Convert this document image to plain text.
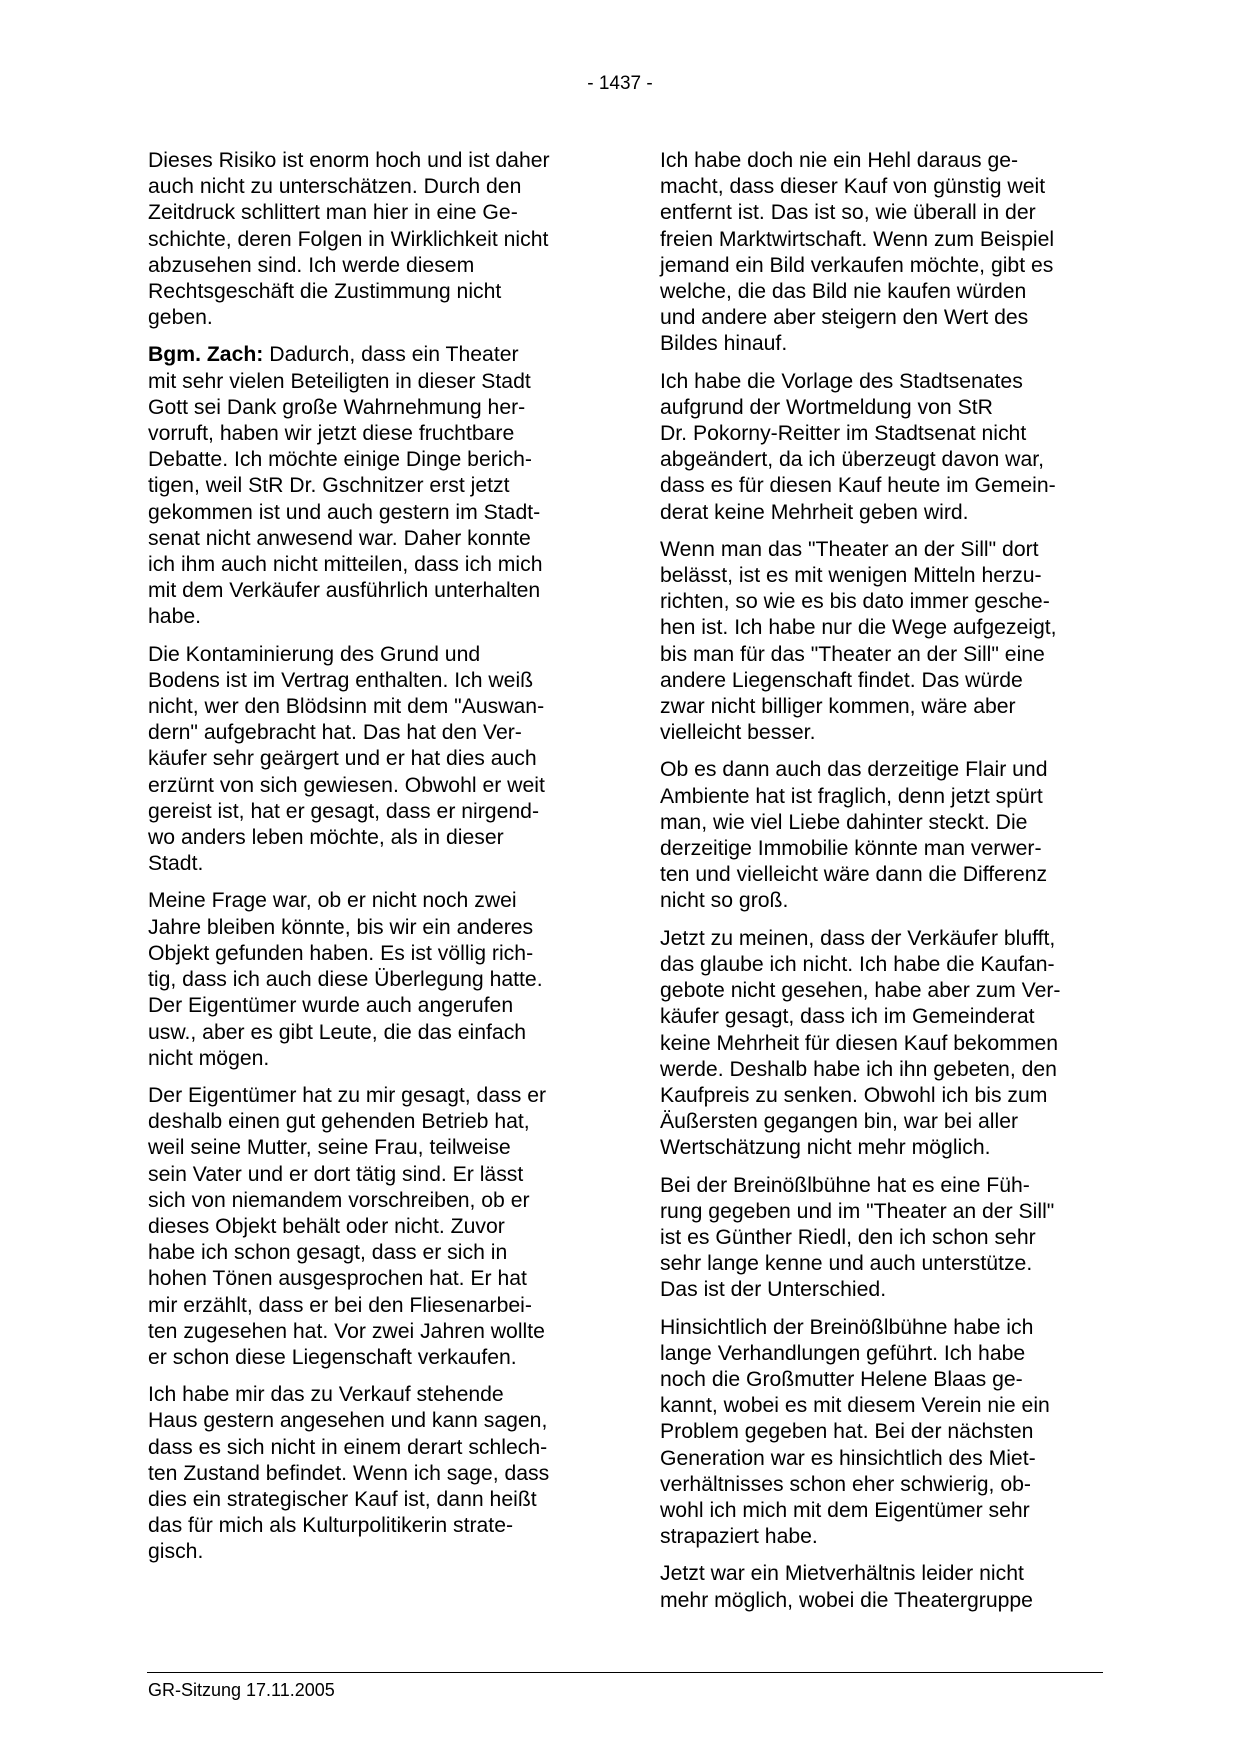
- 1437 -
Dieses Risiko ist enorm hoch und ist daher
auch nicht zu unterschätzen. Durch den
Zeitdruck schlittert man hier in eine Ge-
schichte, deren Folgen in Wirklichkeit nicht
abzusehen sind. Ich werde diesem
Rechtsgeschäft die Zustimmung nicht
geben.
Bgm. Zach: Dadurch, dass ein Theater
mit sehr vielen Beteiligten in dieser Stadt
Gott sei Dank große Wahrnehmung her-
vorruft, haben wir jetzt diese fruchtbare
Debatte. Ich möchte einige Dinge berich-
tigen, weil StR Dr. Gschnitzer erst jetzt
gekommen ist und auch gestern im Stadt-
senat nicht anwesend war. Daher konnte
ich ihm auch nicht mitteilen, dass ich mich
mit dem Verkäufer ausführlich unterhalten
habe.
Die Kontaminierung des Grund und
Bodens ist im Vertrag enthalten. Ich weiß
nicht, wer den Blödsinn mit dem "Auswan-
dern" aufgebracht hat. Das hat den Ver-
käufer sehr geärgert und er hat dies auch
erzürnt von sich gewiesen. Obwohl er weit
gereist ist, hat er gesagt, dass er nirgend-
wo anders leben möchte, als in dieser
Stadt.
Meine Frage war, ob er nicht noch zwei
Jahre bleiben könnte, bis wir ein anderes
Objekt gefunden haben. Es ist völlig rich-
tig, dass ich auch diese Überlegung hatte.
Der Eigentümer wurde auch angerufen
usw., aber es gibt Leute, die das einfach
nicht mögen.
Der Eigentümer hat zu mir gesagt, dass er
deshalb einen gut gehenden Betrieb hat,
weil seine Mutter, seine Frau, teilweise
sein Vater und er dort tätig sind. Er lässt
sich von niemandem vorschreiben, ob er
dieses Objekt behält oder nicht. Zuvor
habe ich schon gesagt, dass er sich in
hohen Tönen ausgesprochen hat. Er hat
mir erzählt, dass er bei den Fliesenarbei-
ten zugesehen hat. Vor zwei Jahren wollte
er schon diese Liegenschaft verkaufen.
Ich habe mir das zu Verkauf stehende
Haus gestern angesehen und kann sagen,
dass es sich nicht in einem derart schlech-
ten Zustand befindet. Wenn ich sage, dass
dies ein strategischer Kauf ist, dann heißt
das für mich als Kulturpolitikerin strate-
gisch.
Ich habe doch nie ein Hehl daraus ge-
macht, dass dieser Kauf von günstig weit
entfernt ist. Das ist so, wie überall in der
freien Marktwirtschaft. Wenn zum Beispiel
jemand ein Bild verkaufen möchte, gibt es
welche, die das Bild nie kaufen würden
und andere aber steigern den Wert des
Bildes hinauf.
Ich habe die Vorlage des Stadtsenates
aufgrund der Wortmeldung von StR
Dr. Pokorny-Reitter im Stadtsenat nicht
abgeändert, da ich überzeugt davon war,
dass es für diesen Kauf heute im Gemein-
derat keine Mehrheit geben wird.
Wenn man das "Theater an der Sill" dort
belässt, ist es mit wenigen Mitteln herzu-
richten, so wie es bis dato immer gesche-
hen ist. Ich habe nur die Wege aufgezeigt,
bis man für das "Theater an der Sill" eine
andere Liegenschaft findet. Das würde
zwar nicht billiger kommen, wäre aber
vielleicht besser.
Ob es dann auch das derzeitige Flair und
Ambiente hat ist fraglich, denn jetzt spürt
man, wie viel Liebe dahinter steckt. Die
derzeitige Immobilie könnte man verwer-
ten und vielleicht wäre dann die Differenz
nicht so groß.
Jetzt zu meinen, dass der Verkäufer blufft,
das glaube ich nicht. Ich habe die Kaufan-
gebote nicht gesehen, habe aber zum Ver-
käufer gesagt, dass ich im Gemeinderat
keine Mehrheit für diesen Kauf bekommen
werde. Deshalb habe ich ihn gebeten, den
Kaufpreis zu senken. Obwohl ich bis zum
Äußersten gegangen bin, war bei aller
Wertschätzung nicht mehr möglich.
Bei der Breinößlbühne hat es eine Füh-
rung gegeben und im "Theater an der Sill"
ist es Günther Riedl, den ich schon sehr
sehr lange kenne und auch unterstütze.
Das ist der Unterschied.
Hinsichtlich der Breinößlbühne habe ich
lange Verhandlungen geführt. Ich habe
noch die Großmutter Helene Blaas ge-
kannt, wobei es mit diesem Verein nie ein
Problem gegeben hat. Bei der nächsten
Generation war es hinsichtlich des Miet-
verhältnisses schon eher schwierig, ob-
wohl ich mich mit dem Eigentümer sehr
strapaziert habe.
Jetzt war ein Mietverhältnis leider nicht
mehr möglich, wobei die Theatergruppe
GR-Sitzung 17.11.2005
